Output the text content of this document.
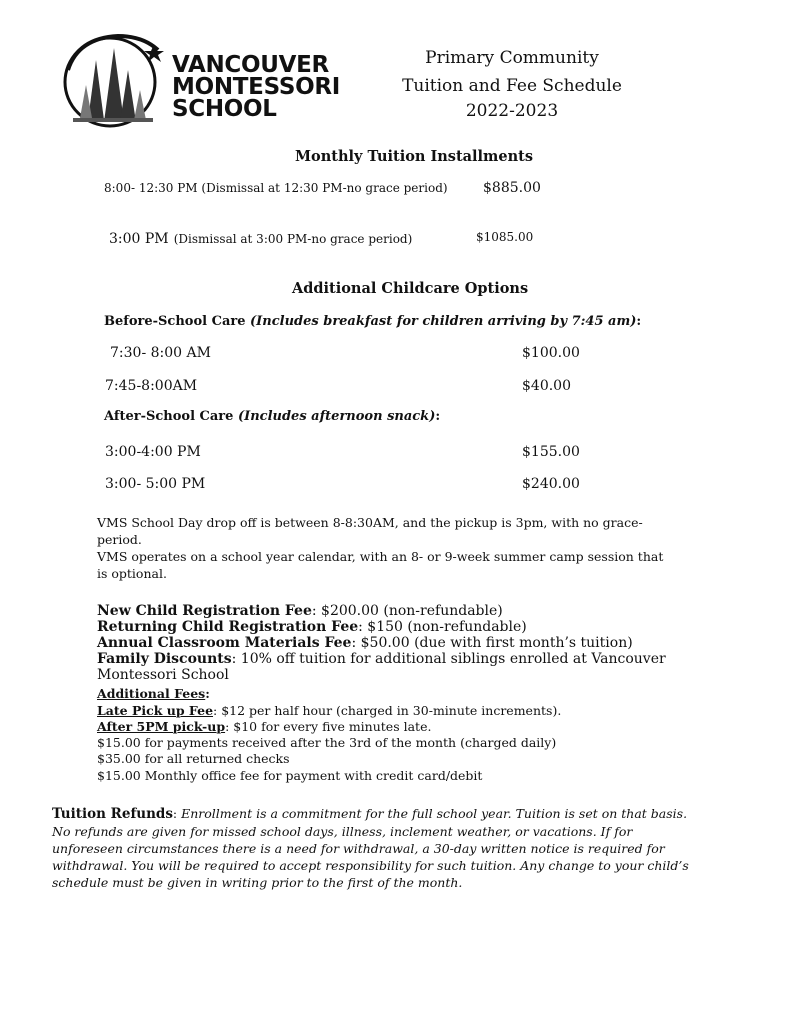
VANCOUVER
MONTESSORI
SCHOOL
Primary Community
Tuition and Fee Schedule
2022-2023
Monthly Tuition Installments
8:00- 12:30 PM (Dismissal at 12:30 PM-no grace period)	$885.00
3:00 PM (Dismissal at 3:00 PM-no grace period)	$1085.00
Additional Childcare Options
Before-School Care (Includes breakfast for children arriving by 7:45 am):
7:30- 8:00 AM	$100.00
7:45-8:00AM	$40.00
After-School Care (Includes afternoon snack):
3:00-4:00 PM	$155.00
3:00- 5:00 PM	$240.00
VMS School Day drop off is between 8-8:30AM, and the pickup is 3pm, with no grace-period.
VMS operates on a school year calendar, with an 8- or 9-week summer camp session that is optional.
New Child Registration Fee: $200.00 (non-refundable)
Returning Child Registration Fee: $150 (non-refundable)
Annual Classroom Materials Fee: $50.00 (due with first month’s tuition)
Family Discounts: 10% off tuition for additional siblings enrolled at Vancouver Montessori School
Additional Fees:
Late Pick up Fee: $12 per half hour (charged in 30-minute increments).
After 5PM pick-up: $10 for every five minutes late.
$15.00 for payments received after the 3rd of the month (charged daily)
$35.00 for all returned checks
$15.00 Monthly office fee for payment with credit card/debit
Tuition Refunds: Enrollment is a commitment for the full school year. Tuition is set on that basis. No refunds are given for missed school days, illness, inclement weather, or vacations. If for unforeseen circumstances there is a need for withdrawal, a 30-day written notice is required for withdrawal. You will be required to accept responsibility for such tuition. Any change to your child’s schedule must be given in writing prior to the first of the month.
